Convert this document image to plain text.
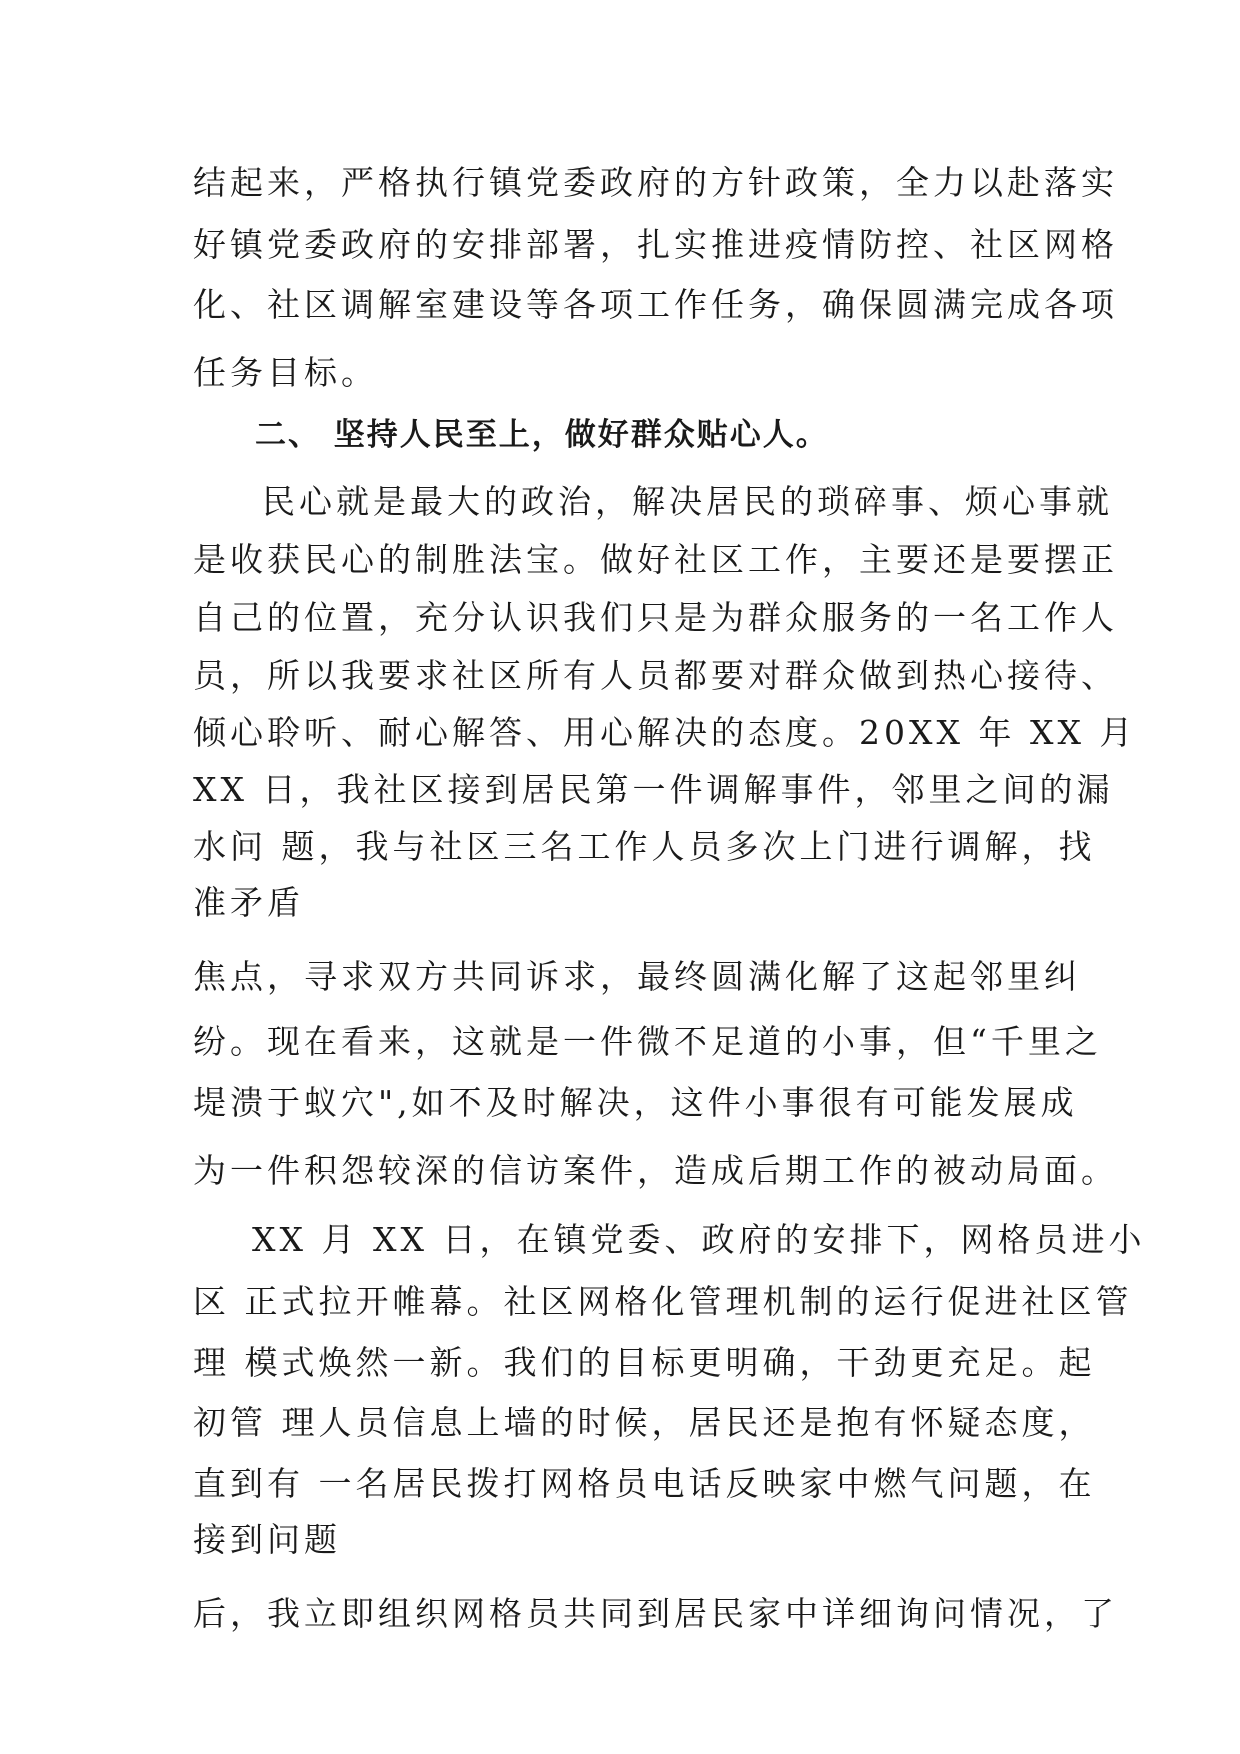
结起来，严格执行镇党委政府的方针政策，全力以赴落实
好镇党委政府的安排部署，扎实推进疫情防控、社区网格
化、社区调解室建设等各项工作任务，确保圆满完成各项
任务目标。
二、 坚持人民至上，做好群众贴心人。
民心就是最大的政治，解决居民的琐碎事、烦心事就
是收获民心的制胜法宝。做好社区工作，主要还是要摆正
自己的位置，充分认识我们只是为群众服务的一名工作人
员，所以我要求社区所有人员都要对群众做到热心接待、
倾心聆听、耐心解答、用心解决的态度。20XX 年 XX 月
XX 日，我社区接到居民第一件调解事件，邻里之间的漏
水问 题，我与社区三名工作人员多次上门进行调解，找
准矛盾
焦点，寻求双方共同诉求，最终圆满化解了这起邻里纠
纷。现在看来，这就是一件微不足道的小事，但“千里之
堤溃于蚁穴",如不及时解决，这件小事很有可能发展成
为一件积怨较深的信访案件，造成后期工作的被动局面。
XX 月 XX 日，在镇党委、政府的安排下，网格员进小
区 正式拉开帷幕。社区网格化管理机制的运行促进社区管
理 模式焕然一新。我们的目标更明确，干劲更充足。起
初管 理人员信息上墙的时候，居民还是抱有怀疑态度，
直到有 一名居民拨打网格员电话反映家中燃气问题，在
接到问题
后，我立即组织网格员共同到居民家中详细询问情况，了
